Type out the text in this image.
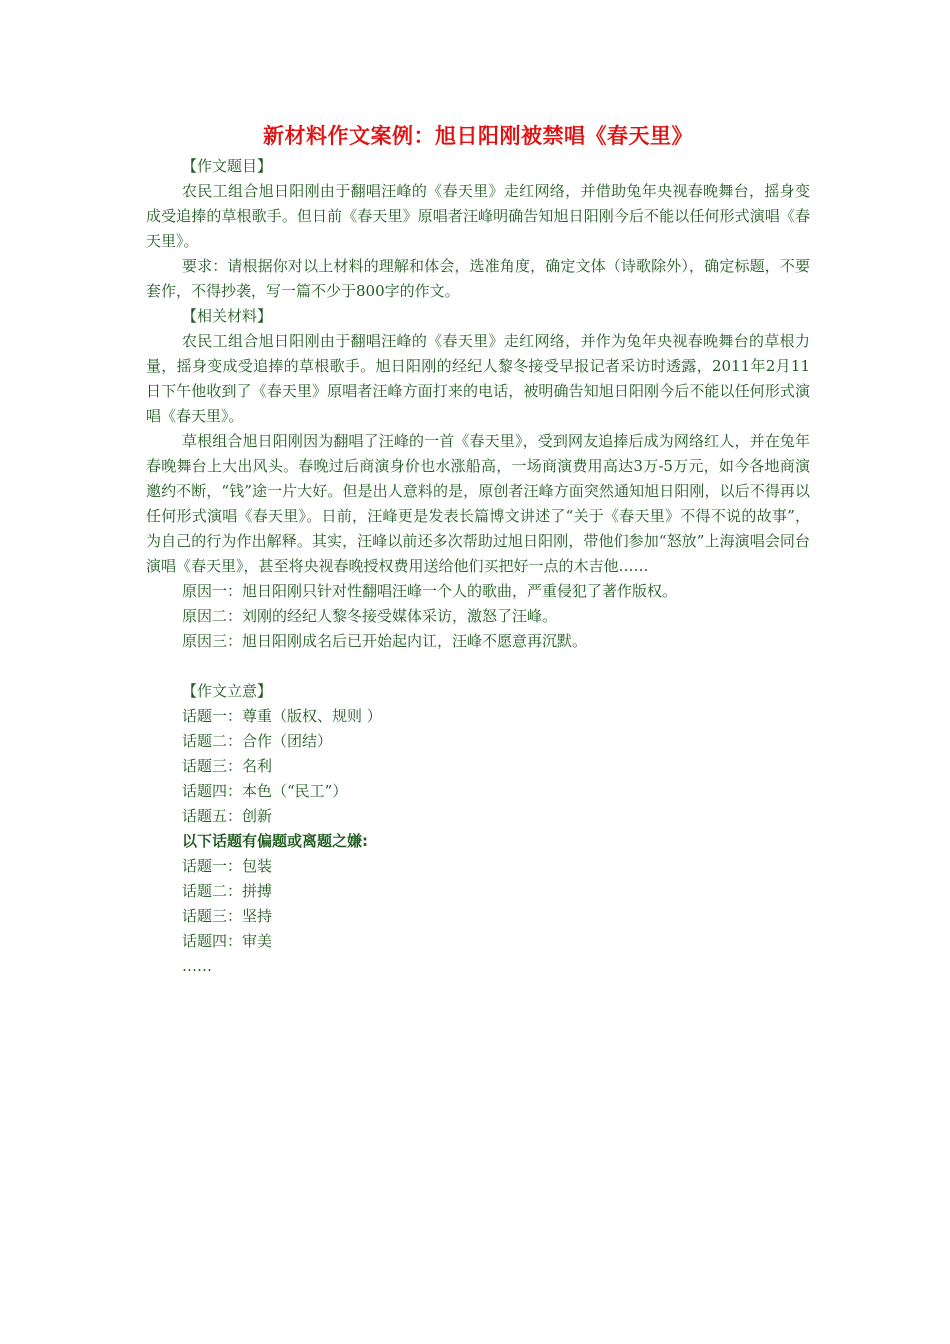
新材料作文案例：旭日阳刚被禁唱《春天里》

【作文题目】

农民工组合旭日阳刚由于翻唱汪峰的《春天里》走红网络，并借助兔年央视春晚舞台，摇身变成受追捧的草根歌手。但日前《春天里》原唱者汪峰明确告知旭日阳刚今后不能以任何形式演唱《春天里》。

要求：请根据你对以上材料的理解和体会，选准角度，确定文体（诗歌除外），确定标题，不要套作，不得抄袭，写一篇不少于800字的作文。

【相关材料】

农民工组合旭日阳刚由于翻唱汪峰的《春天里》走红网络，并作为兔年央视春晚舞台的草根力量，摇身变成受追捧的草根歌手。旭日阳刚的经纪人黎冬接受早报记者采访时透露，2011年2月11日下午他收到了《春天里》原唱者汪峰方面打来的电话，被明确告知旭日阳刚今后不能以任何形式演唱《春天里》。

草根组合旭日阳刚因为翻唱了汪峰的一首《春天里》，受到网友追捧后成为网络红人，并在兔年春晚舞台上大出风头。春晚过后商演身价也水涨船高，一场商演费用高达3万-5万元，如今各地商演邀约不断，“钱”途一片大好。但是出人意料的是，原创者汪峰方面突然通知旭日阳刚，以后不得再以任何形式演唱《春天里》。日前，汪峰更是发表长篇博文讲述了“关于《春天里》不得不说的故事”，为自己的行为作出解释。其实，汪峰以前还多次帮助过旭日阳刚，带他们参加“怒放”上海演唱会同台演唱《春天里》，甚至将央视春晚授权费用送给他们买把好一点的木吉他……

原因一：旭日阳刚只针对性翻唱汪峰一个人的歌曲，严重侵犯了著作版权。

原因二：刘刚的经纪人黎冬接受媒体采访，激怒了汪峰。

原因三：旭日阳刚成名后已开始起内讧，汪峰不愿意再沉默。

【作文立意】

话题一：尊重（版权、规则 ）

话题二：合作（团结）

话题三：名利

话题四：本色（“民工”）

话题五：创新

以下话题有偏题或离题之嫌:

话题一：包装

话题二：拼搏

话题三：坚持

话题四：审美

……
